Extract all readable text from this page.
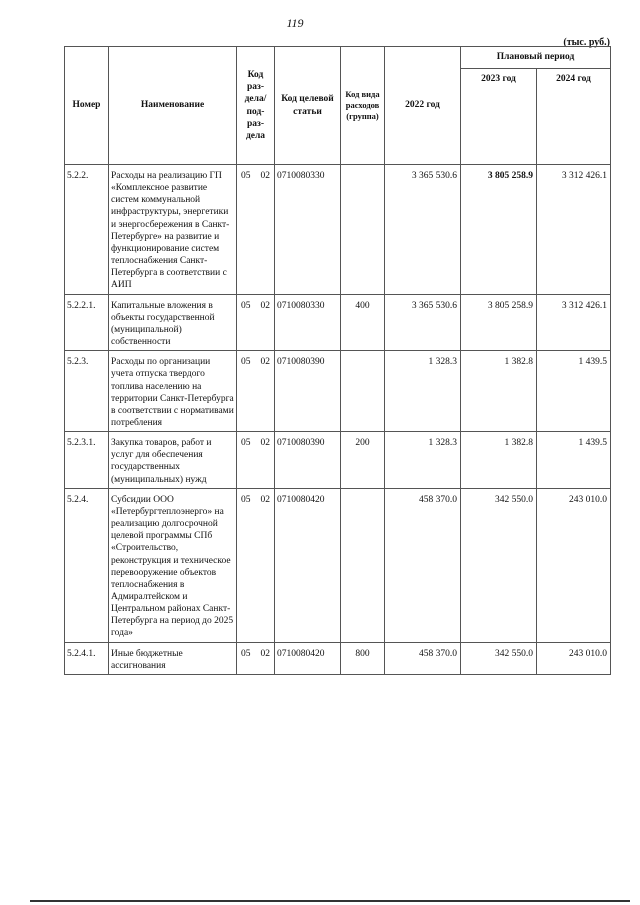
119
(тыс. руб.)
Номер	Наименование	Код раз- дела/ под- раз- дела	Код целевой статьи	Код вида расходов (группа)	2022 год	Плановый период	
						2023 год	2024 год
5.2.2.	Расходы на реализацию ГП «Комплексное развитие систем коммунальной инфраструктуры, энергетики и энергосбережения в Санкт-Петербурге» на развитие и функционирование систем теплоснабжения Санкт-Петербурга в соответствии с АИП	05 02	0710080330		3 365 530.6	3 805 258.9	3 312 426.1
5.2.2.1.	Капитальные вложения в объекты государственной (муниципальной) собственности	05 02	0710080330	400	3 365 530.6	3 805 258.9	3 312 426.1
5.2.3.	Расходы по организации учета отпуска твердого топлива населению на территории Санкт-Петербурга в соответствии с нормативами потребления	05 02	0710080390		1 328.3	1 382.8	1 439.5
5.2.3.1.	Закупка товаров, работ и услуг для обеспечения государственных (муниципальных) нужд	05 02	0710080390	200	1 328.3	1 382.8	1 439.5
5.2.4.	Субсидии ООО «Петербургтеплоэнерго» на реализацию долгосрочной целевой программы СПб «Строительство, реконструкция и техническое перевооружение объектов теплоснабжения в Адмиралтейском и Центральном районах Санкт-Петербурга на период до 2025 года»	05 02	0710080420		458 370.0	342 550.0	243 010.0
5.2.4.1.	Иные бюджетные ассигнования	05 02	0710080420	800	458 370.0	342 550.0	243 010.0
